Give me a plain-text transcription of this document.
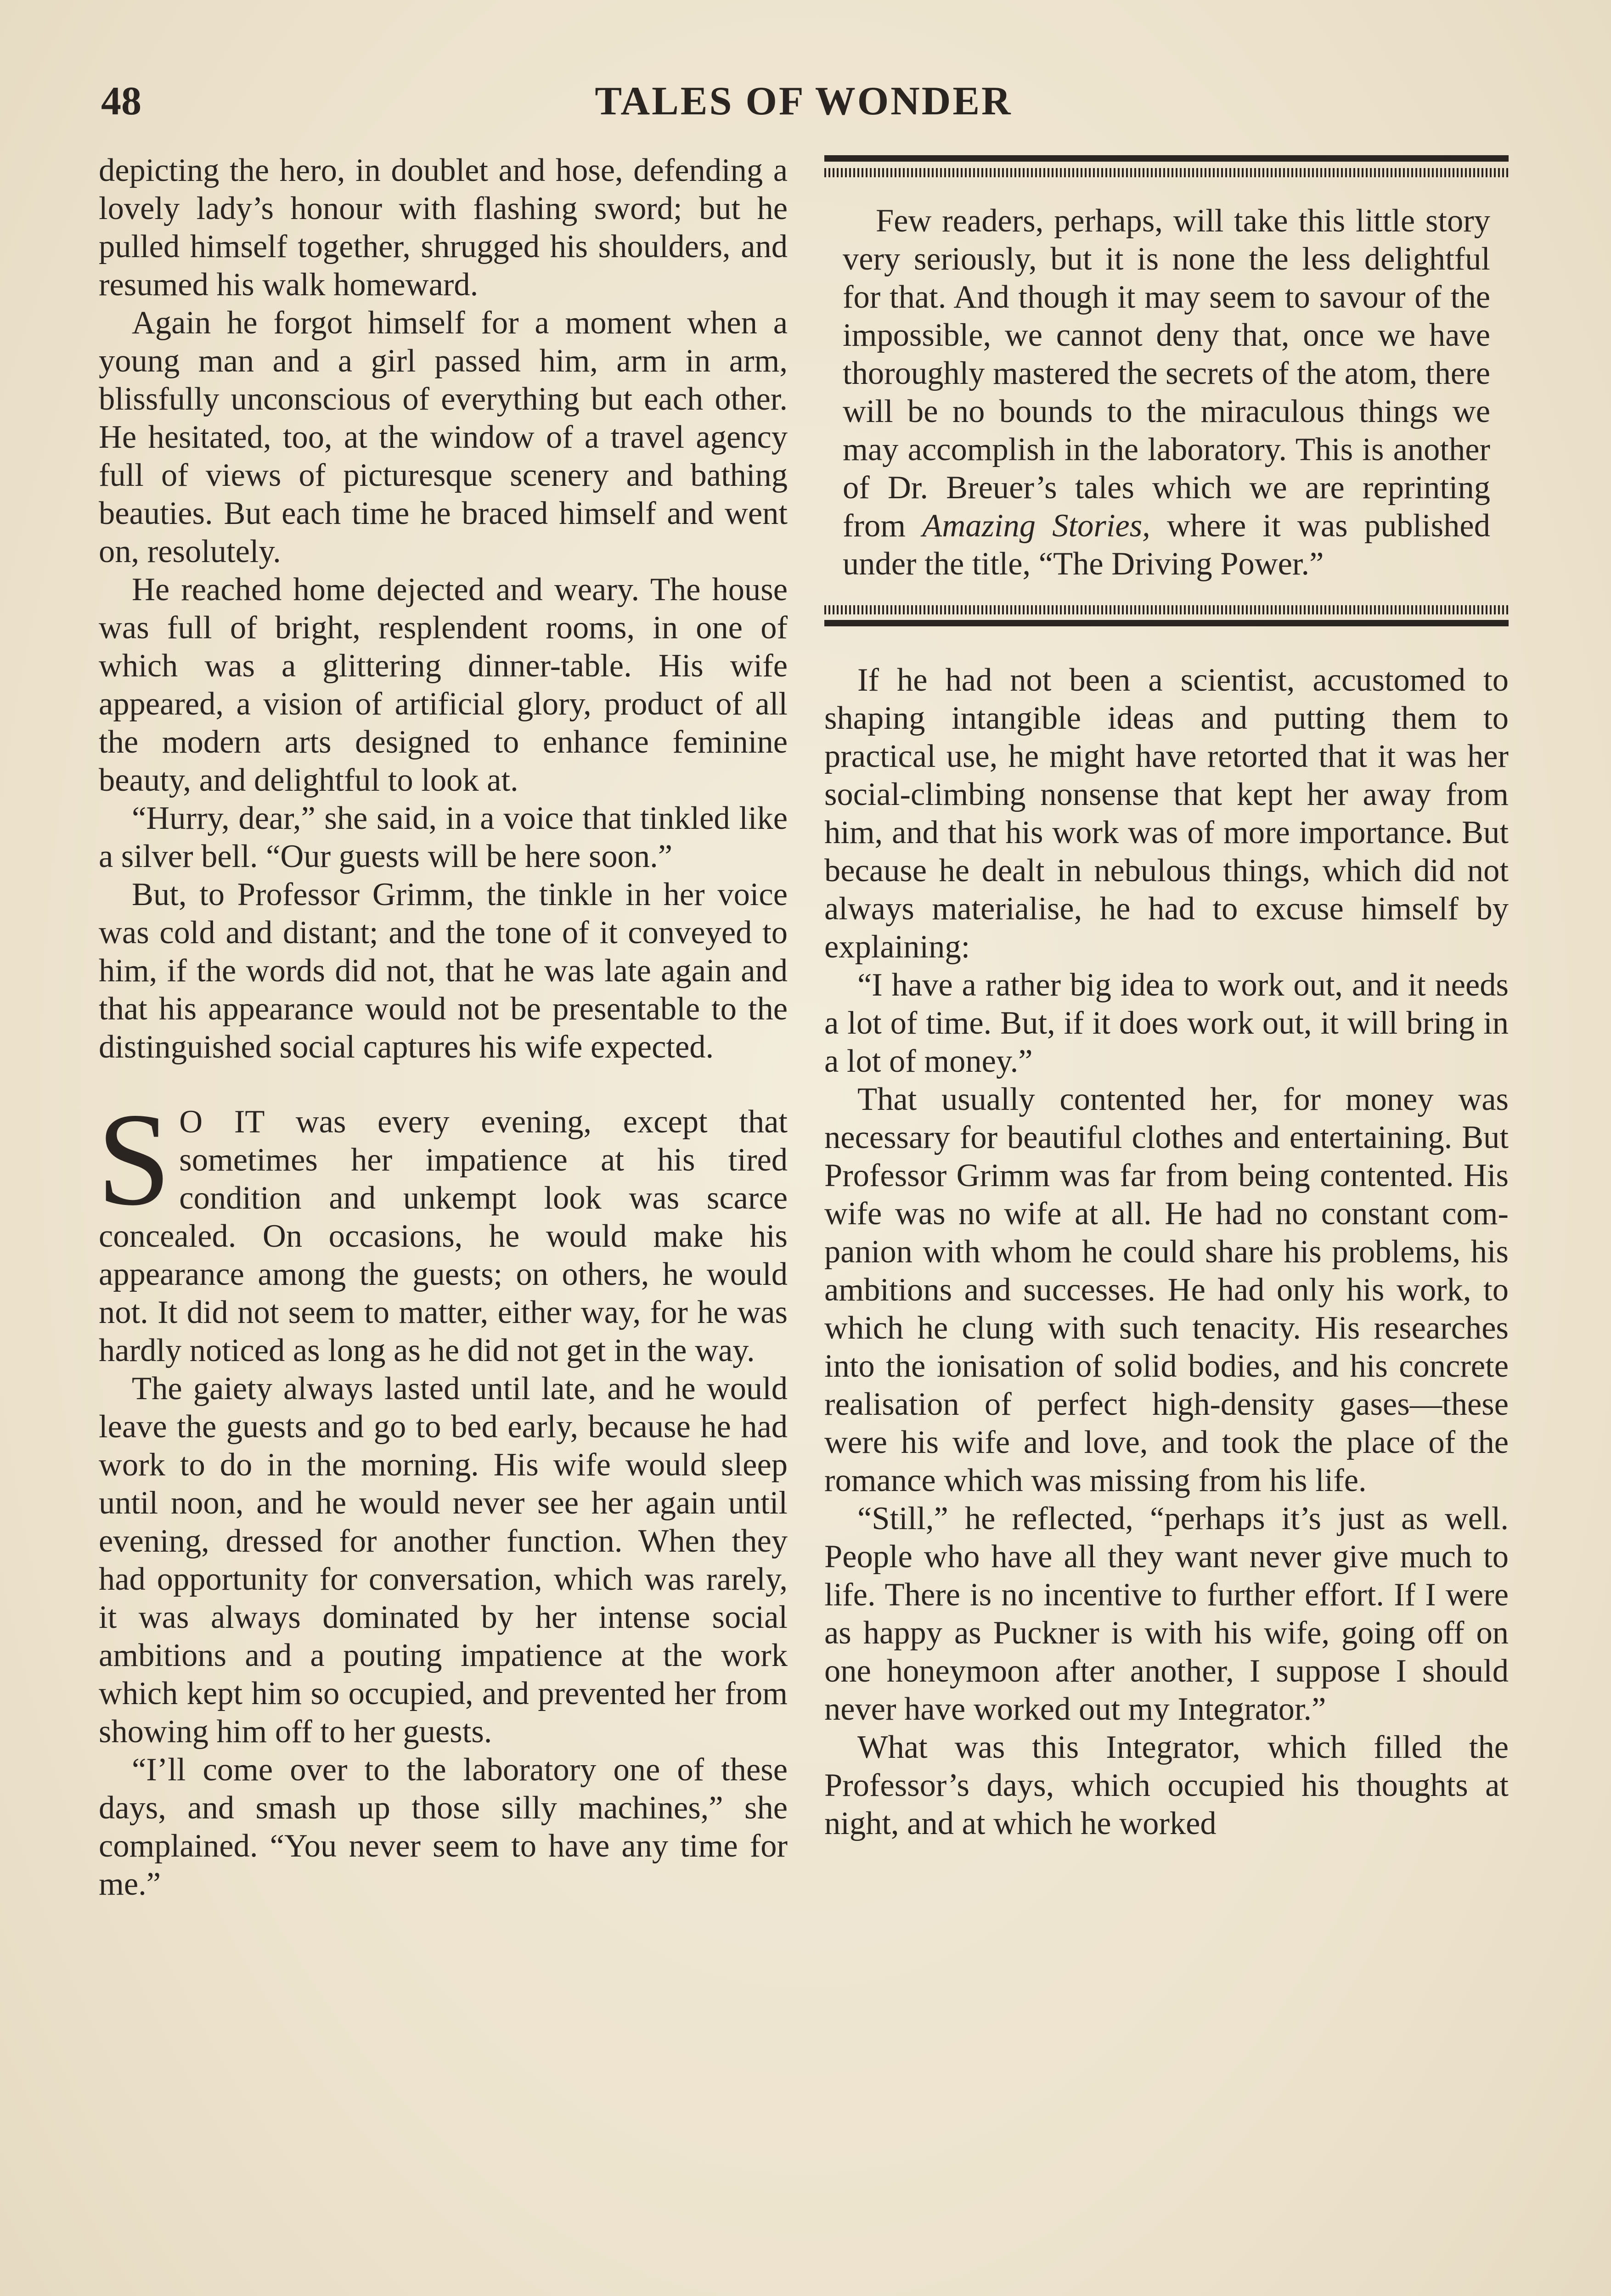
48	TALES OF WONDER

depicting the hero, in doublet and hose, defending a lovely lady’s honour with flashing sword; but he pulled himself together, shrugged his shoulders, and resumed his walk homeward.

Again he forgot himself for a moment when a young man and a girl passed him, arm in arm, blissfully unconscious of everything but each other. He hesitated, too, at the window of a travel agency full of views of picturesque scenery and bathing beauties. But each time he braced himself and went on, resolutely.

He reached home dejected and weary. The house was full of bright, resplendent rooms, in one of which was a glittering dinner-table. His wife appeared, a vision of artificial glory, product of all the modern arts designed to enhance feminine beauty, and delightful to look at.

“Hurry, dear,” she said, in a voice that tinkled like a silver bell. “Our guests will be here soon.”

But, to Professor Grimm, the tinkle in her voice was cold and distant; and the tone of it conveyed to him, if the words did not, that he was late again and that his appearance would not be presentable to the distinguished social captures his wife expected.

S O IT was every evening, except that sometimes her impatience at his tired condition and unkempt look was scarce concealed. On occasions, he would make his appearance among the guests; on others, he would not. It did not seem to matter, either way, for he was hardly noticed as long as he did not get in the way.

The gaiety always lasted until late, and he would leave the guests and go to bed early, because he had work to do in the morning. His wife would sleep until noon, and he would never see her again until evening, dressed for another function. When they had opportunity for conversation, which was rarely, it was always dominated by her intense social ambitions and a pouting impatience at the work which kept him so occupied, and prevented her from showing him off to her guests.

“I’ll come over to the laboratory one of these days, and smash up those silly machines,” she complained. “You never seem to have any time for me.”

Few readers, perhaps, will take this little story very seriously, but it is none the less delightful for that. And though it may seem to savour of the impossible, we cannot deny that, once we have thoroughly mastered the secrets of the atom, there will be no bounds to the miraculous things we may accomplish in the laboratory. This is another of Dr. Breuer’s tales which we are reprinting from Amazing Stories, where it was published under the title, “The Driving Power.”

If he had not been a scientist, accustomed to shaping intangible ideas and putting them to practical use, he might have retorted that it was her social-climbing nonsense that kept her away from him, and that his work was of more importance. But because he dealt in nebulous things, which did not always materialise, he had to excuse himself by explaining:

“I have a rather big idea to work out, and it needs a lot of time. But, if it does work out, it will bring in a lot of money.”

That usually contented her, for money was necessary for beautiful clothes and entertaining. But Professor Grimm was far from being contented. His wife was no wife at all. He had no constant companion with whom he could share his problems, his ambitions and successes. He had only his work, to which he clung with such tenacity. His researches into the ionisation of solid bodies, and his concrete realisation of perfect high-density gases—these were his wife and love, and took the place of the romance which was missing from his life.

“Still,” he reflected, “perhaps it’s just as well. People who have all they want never give much to life. There is no incentive to further effort. If I were as happy as Puckner is with his wife, going off on one honeymoon after another, I suppose I should never have worked out my Integrator.”

What was this Integrator, which filled the Professor’s days, which occupied his thoughts at night, and at which he worked
